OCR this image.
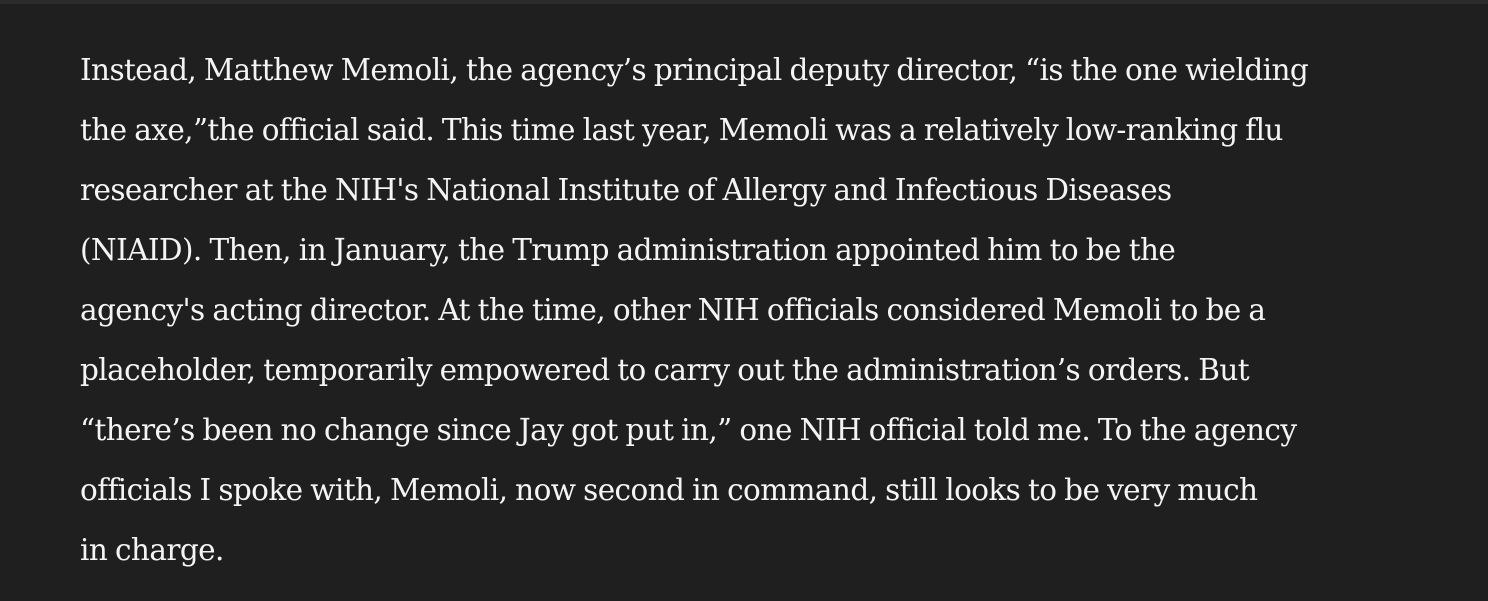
Instead, Matthew Memoli, the agency’s principal deputy director, “is the one wielding
the axe,”the official said. This time last year, Memoli was a relatively low-ranking flu
researcher at the NIH's National Institute of Allergy and Infectious Diseases
(NIAID). Then, in January, the Trump administration appointed him to be the
agency's acting director. At the time, other NIH officials considered Memoli to be a
placeholder, temporarily empowered to carry out the administration’s orders. But
“there’s been no change since Jay got put in,” one NIH official told me. To the agency
officials I spoke with, Memoli, now second in command, still looks to be very much
in charge.
